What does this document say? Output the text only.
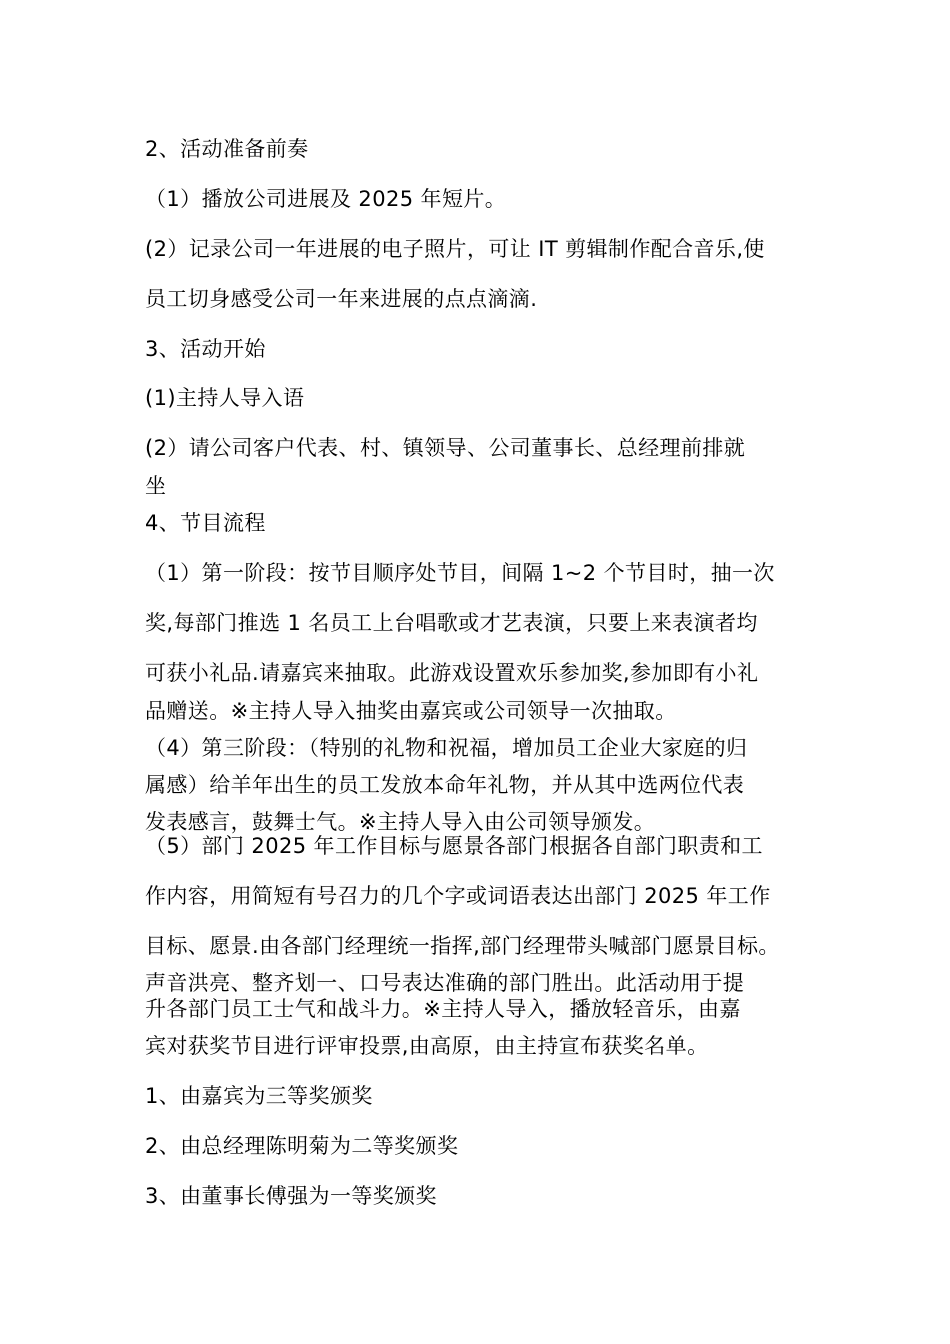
2、活动准备前奏
（1）播放公司进展及 2025 年短片。
(2）记录公司一年进展的电子照片，可让 IT 剪辑制作配合音乐,使
员工切身感受公司一年来进展的点点滴滴.
3、活动开始
(1)主持人导入语
(2）请公司客户代表、村、镇领导、公司董事长、总经理前排就
坐
4、节目流程
（1）第一阶段：按节目顺序处节目，间隔 1~2 个节目时，抽一次
奖,每部门推选 1 名员工上台唱歌或才艺表演，只要上来表演者均
可获小礼品.请嘉宾来抽取。此游戏设置欢乐参加奖,参加即有小礼
品赠送。※主持人导入抽奖由嘉宾或公司领导一次抽取。
（4）第三阶段：（特别的礼物和祝福，增加员工企业大家庭的归
属感）给羊年出生的员工发放本命年礼物，并从其中选两位代表
发表感言，鼓舞士气。※主持人导入由公司领导颁发。
（5）部门 2025 年工作目标与愿景各部门根据各自部门职责和工
作内容，用简短有号召力的几个字或词语表达出部门 2025 年工作
目标、愿景.由各部门经理统一指挥,部门经理带头喊部门愿景目标。
声音洪亮、整齐划一、口号表达准确的部门胜出。此活动用于提
升各部门员工士气和战斗力。※主持人导入，播放轻音乐，由嘉
宾对获奖节目进行评审投票,由高原，由主持宣布获奖名单。
1、由嘉宾为三等奖颁奖
2、由总经理陈明菊为二等奖颁奖
3、由董事长傅强为一等奖颁奖
